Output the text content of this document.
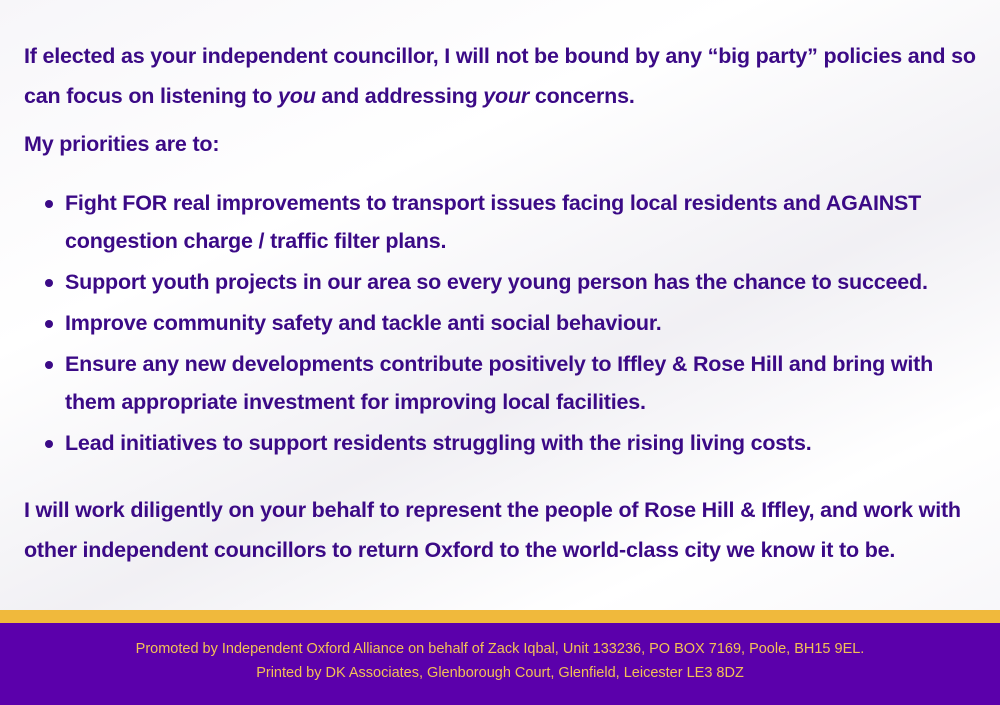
If elected as your independent councillor, I will not be bound by any “big party” policies and so can focus on listening to you and addressing your concerns.

My priorities are to:

Fight FOR real improvements to transport issues facing local residents and AGAINST congestion charge / traffic filter plans.
Support youth projects in our area so every young person has the chance to succeed.
Improve community safety and tackle anti social behaviour.
Ensure any new developments contribute positively to Iffley & Rose Hill and bring with them appropriate investment for improving local facilities.
Lead initiatives to support residents struggling with the rising living costs.

I will work diligently on your behalf to represent the people of Rose Hill & Iffley, and work with other independent councillors to return Oxford to the world-class city we know it to be.

Promoted by Independent Oxford Alliance on behalf of Zack Iqbal, Unit 133236, PO BOX 7169, Poole, BH15 9EL.
Printed by DK Associates, Glenborough Court, Glenfield, Leicester LE3 8DZ
